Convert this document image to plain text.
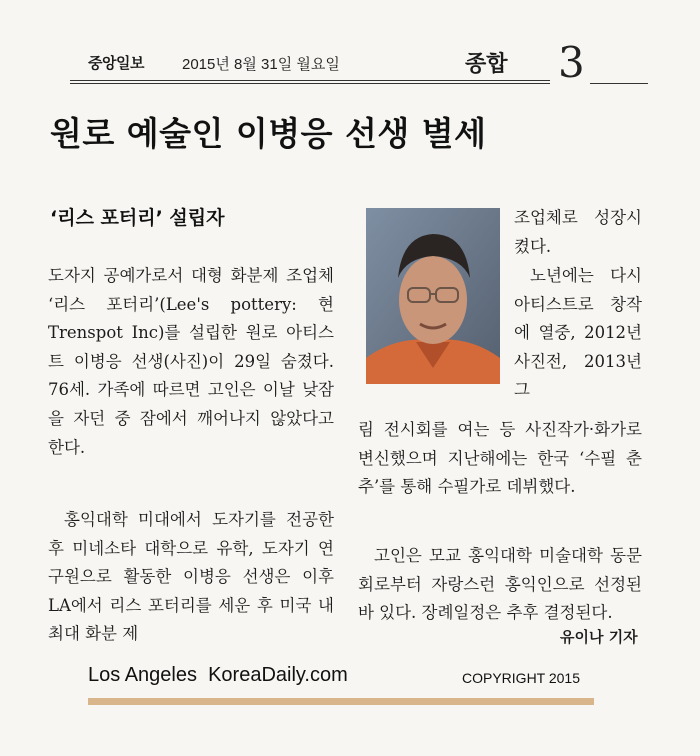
중앙일보	2015년 8월 31일 월요일	종합 3
원로 예술인 이병응 선생 별세
‘리스 포터리’ 설립자
도자지 공예가로서 대형 화분제 조업체 ‘리스 포터리’(Lee's pottery: 현 Trenspot Inc)를 설립한 원로 아티스트 이병응 선생(사진)이 29일 숨졌다. 76세. 가족에 따르면 고인은 이날 낮잠을 자던 중 잠에서 깨어나지 않았다고 한다.
홍익대학 미대에서 도자기를 전공한 후 미네소타 대학으로 유학, 도자기 연구원으로 활동한 이병응 선생은 이후 LA에서 리스 포터리를 세운 후 미국 내 최대 화분 제
조업체로 성장시켰다.
노년에는 다시 아티스트로 창작에 열중, 2012년 사진전, 2013년 그
림 전시회를 여는 등 사진작가·화가로 변신했으며 지난해에는 한국 ‘수필 춘추’를 통해 수필가로 데뷔했다.
고인은 모교 홍익대학 미술대학 동문회로부터 자랑스런 홍익인으로 선정된 바 있다. 장례일정은 추후 결정된다.
유이나 기자
Los Angeles  KoreaDaily.com	COPYRIGHT 2015
